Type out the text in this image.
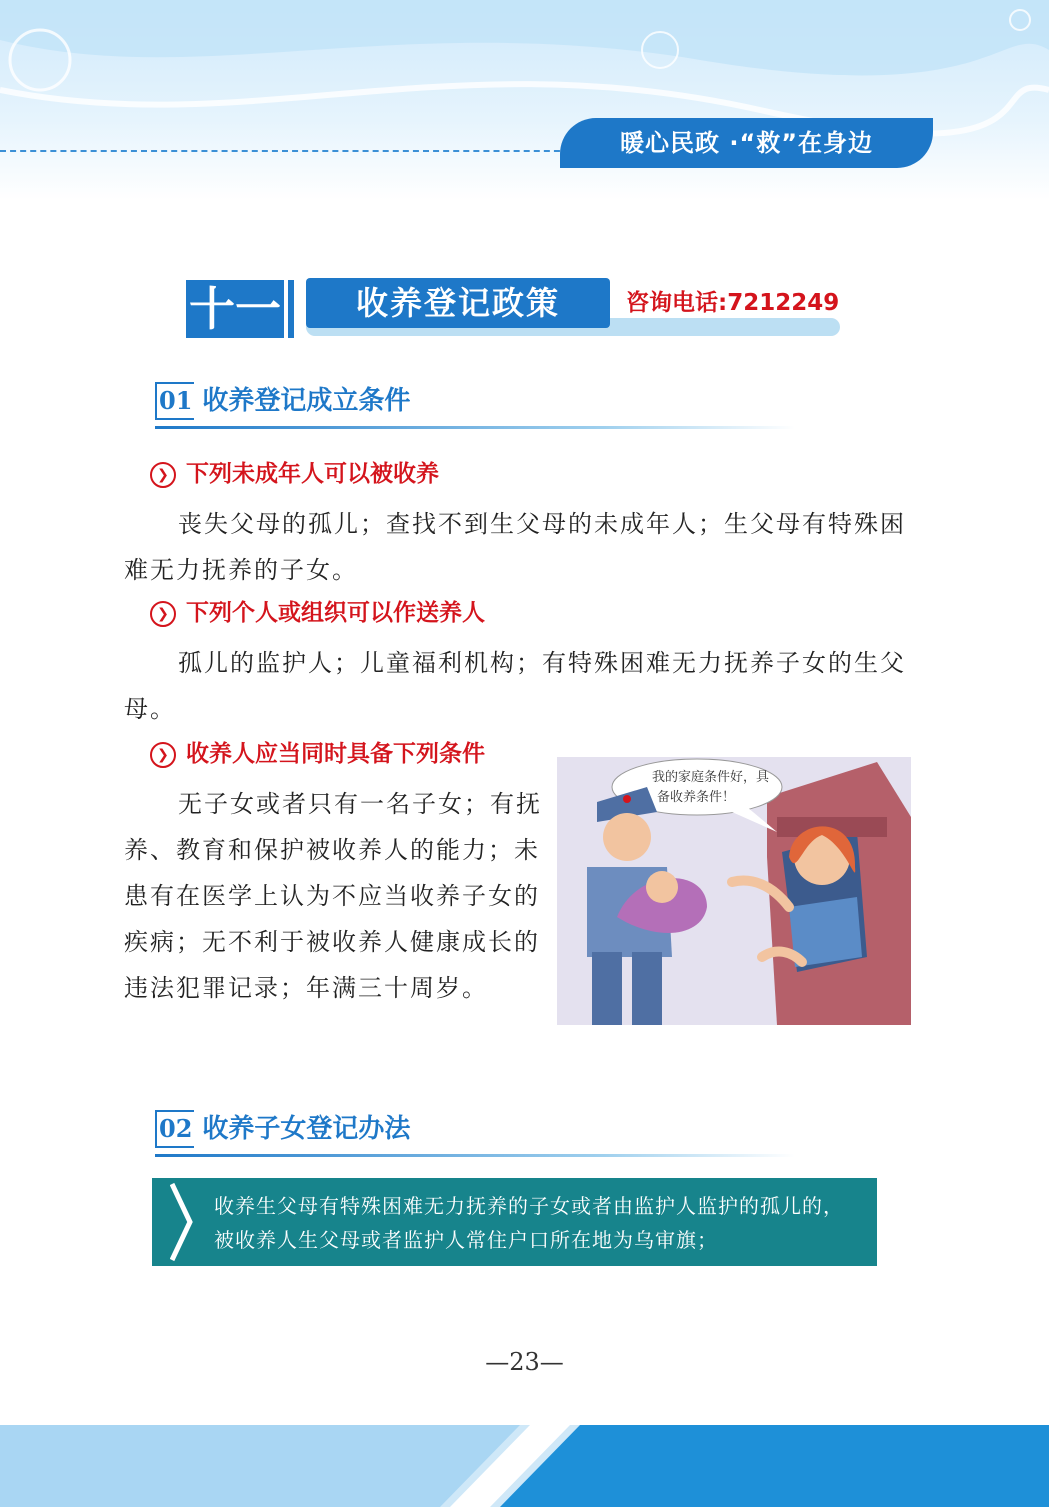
暖心民政 ·“救”在身边
十一	收养登记政策	咨询电话:7212249
01 收养登记成立条件
❯ 下列未成年人可以被收养
丧失父母的孤儿；查找不到生父母的未成年人；生父母有特殊困难无力抚养的子女。
❯ 下列个人或组织可以作送养人
孤儿的监护人；儿童福利机构；有特殊困难无力抚养子女的生父母。
❯ 收养人应当同时具备下列条件
无子女或者只有一名子女；有抚养、教育和保护被收养人的能力；未患有在医学上认为不应当收养子女的疾病；无不利于被收养人健康成长的违法犯罪记录；年满三十周岁。
我的家庭条件好，具
备收养条件！
02 收养子女登记办法
收养生父母有特殊困难无力抚养的子女或者由监护人监护的孤儿的，被收养人生父母或者监护人常住户口所在地为乌审旗；
—23—
